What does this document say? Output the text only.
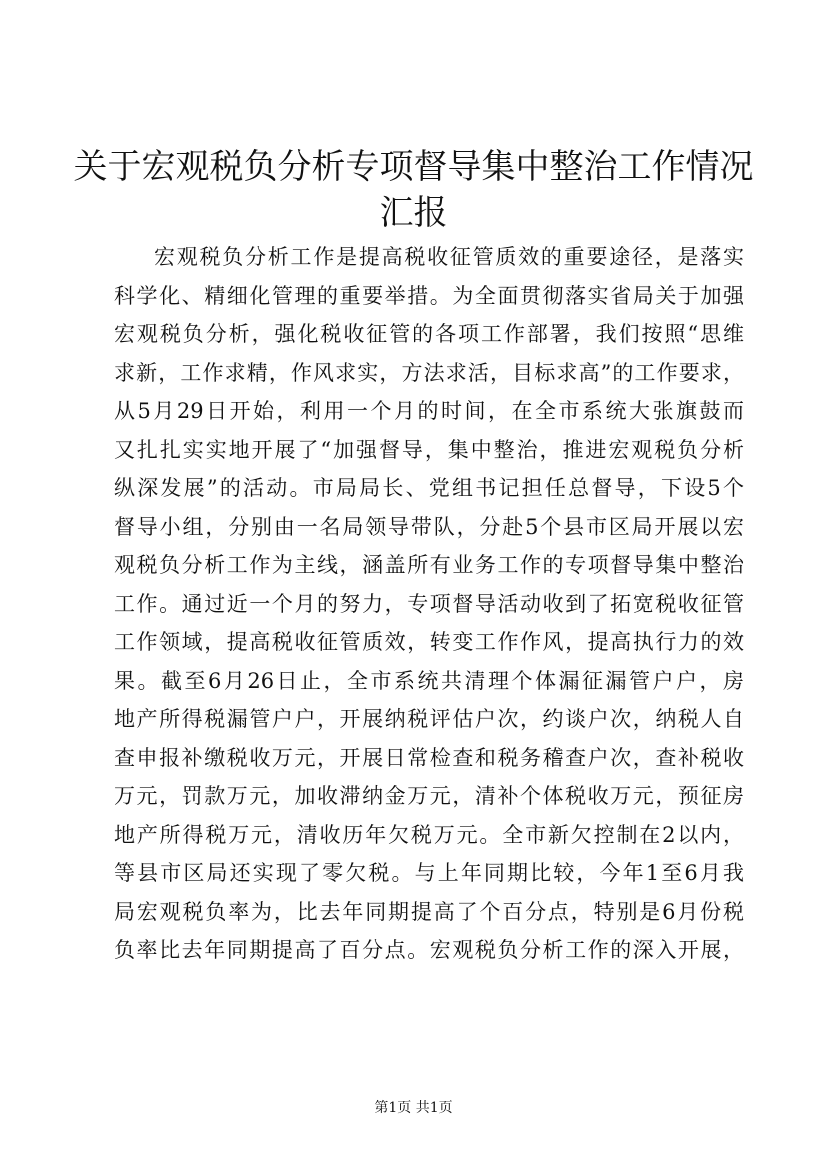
关于宏观税负分析专项督导集中整治工作情况
汇报
宏观税负分析工作是提高税收征管质效的重要途径，是落实
科学化、精细化管理的重要举措。为全面贯彻落实省局关于加强
宏观税负分析，强化税收征管的各项工作部署，我们按照“思维
求新，工作求精，作风求实，方法求活，目标求高”的工作要求，
从5月29日开始，利用一个月的时间，在全市系统大张旗鼓而
又扎扎实实地开展了“加强督导，集中整治，推进宏观税负分析
纵深发展”的活动。市局局长、党组书记担任总督导，下设5个
督导小组，分别由一名局领导带队，分赴5个县市区局开展以宏
观税负分析工作为主线，涵盖所有业务工作的专项督导集中整治
工作。通过近一个月的努力，专项督导活动收到了拓宽税收征管
工作领域，提高税收征管质效，转变工作作风，提高执行力的效
果。截至6月26日止，全市系统共清理个体漏征漏管户户，房
地产所得税漏管户户，开展纳税评估户次，约谈户次，纳税人自
查申报补缴税收万元，开展日常检查和税务稽查户次，查补税收
万元，罚款万元，加收滞纳金万元，清补个体税收万元，预征房
地产所得税万元，清收历年欠税万元。全市新欠控制在2以内，
等县市区局还实现了零欠税。与上年同期比较，今年1至6月我
局宏观税负率为，比去年同期提高了个百分点，特别是6月份税
负率比去年同期提高了百分点。宏观税负分析工作的深入开展，
第1页 共1页
